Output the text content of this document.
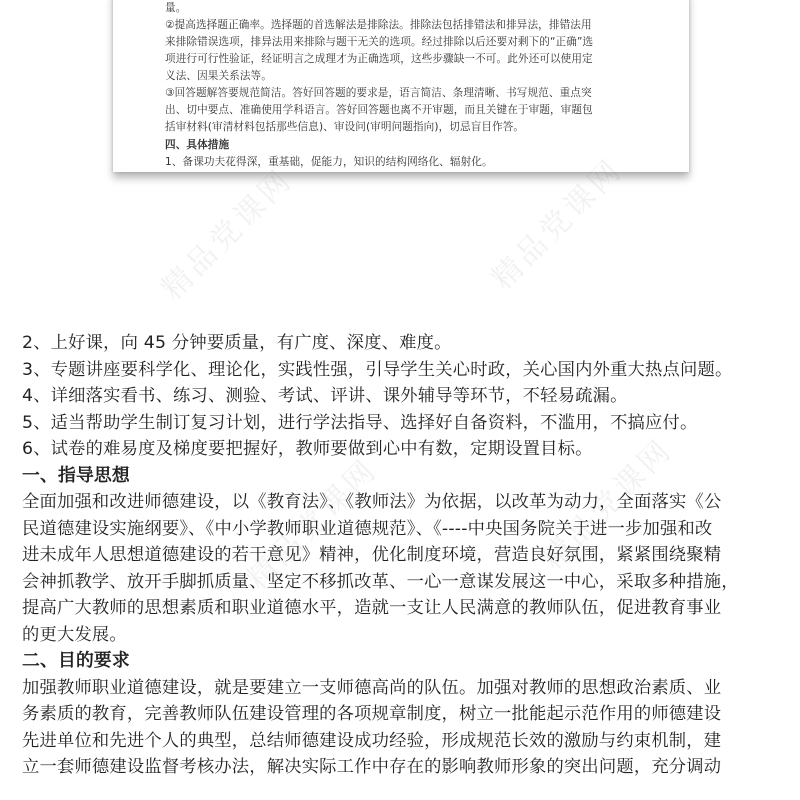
量。

②提高选择题正确率。选择题的首选解法是排除法。排除法包括排错法和排异法，排错法用

来排除错误选项，排异法用来排除与题干无关的选项。经过排除以后还要对剩下的“正确”选

项进行可行性验证，经证明言之成理才为正确选项，这些步骤缺一不可。此外还可以使用定

义法、因果关系法等。

③回答题解答要规范简洁。答好回答题的要求是，语言简洁、条理清晰、书写规范、重点突

出、切中要点、准确使用学科语言。答好回答题也离不开审题，而且关键在于审题，审题包

括审材料(审清材料包括那些信息)、审设问(审明问题指向)，切忌盲目作答。

四、具体措施

1、备课功夫花得深，重基础，促能力，知识的结构网络化、辐射化。

精品党课网	精品党课网
精品党课网	精品党课网

2、上好课，向 45 分钟要质量，有广度、深度、难度。

3、专题讲座要科学化、理论化，实践性强，引导学生关心时政，关心国内外重大热点问题。

4、详细落实看书、练习、测验、考试、评讲、课外辅导等环节，不轻易疏漏。

5、适当帮助学生制订复习计划，进行学法指导、选择好自备资料，不滥用，不搞应付。

6、试卷的难易度及梯度要把握好，教师要做到心中有数，定期设置目标。

一、指导思想

全面加强和改进师德建设，以《教育法》、《教师法》为依据，以改革为动力，全面落实《公

民道德建设实施纲要》、《中小学教师职业道德规范》、《----中央国务院关于进一步加强和改

进未成年人思想道德建设的若干意见》精神，优化制度环境，营造良好氛围，紧紧围绕聚精

会神抓教学、放开手脚抓质量、坚定不移抓改革、一心一意谋发展这一中心，采取多种措施，

提高广大教师的思想素质和职业道德水平，造就一支让人民满意的教师队伍，促进教育事业

的更大发展。

二、目的要求

加强教师职业道德建设，就是要建立一支师德高尚的队伍。加强对教师的思想政治素质、业

务素质的教育，完善教师队伍建设管理的各项规章制度，树立一批能起示范作用的师德建设

先进单位和先进个人的典型，总结师德建设成功经验，形成规范长效的激励与约束机制，建

立一套师德建设监督考核办法，解决实际工作中存在的影响教师形象的突出问题，充分调动
